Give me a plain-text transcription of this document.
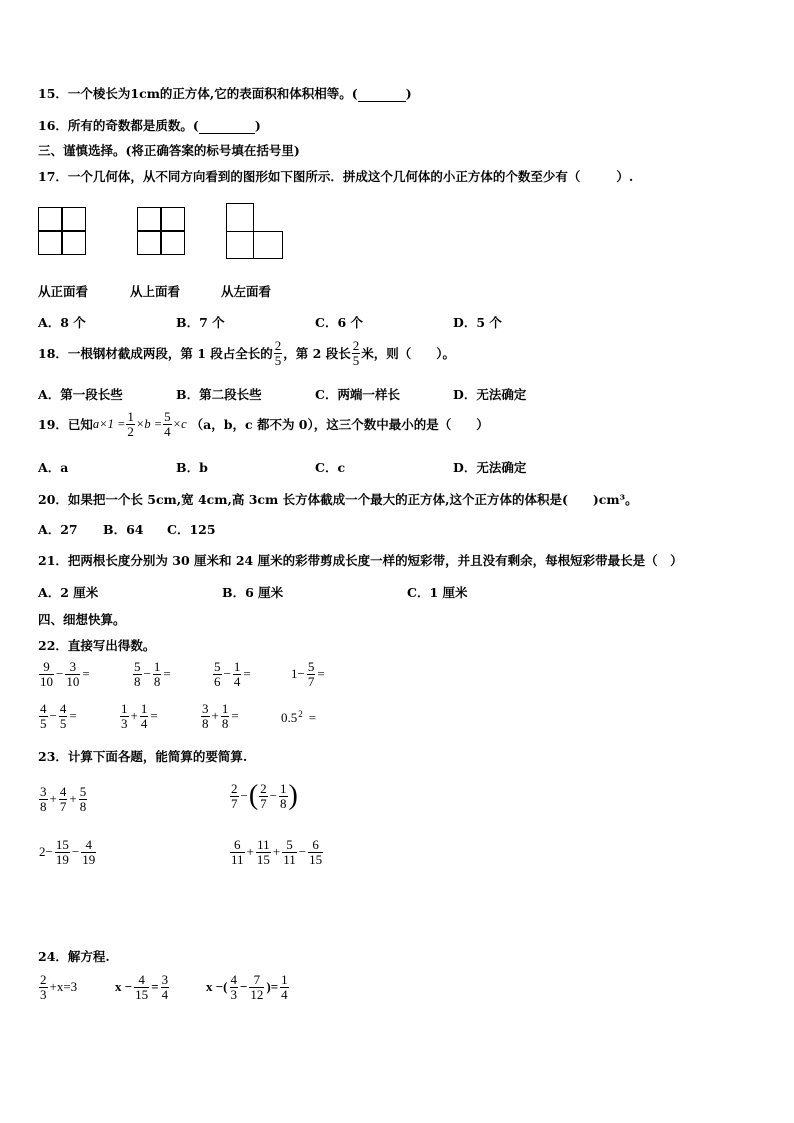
15．一个棱长为1cm的正方体,它的表面积和体积相等。(	)
16．所有的奇数都是质数。(	)
三、谨慎选择。(将正确答案的标号填在括号里)
17．一个几何体，从不同方向看到的图形如下图所示．拼成这个几何体的小正方体的个数至少有（	）.
从正面看	从上面看	从左面看
A．8 个	B．7 个	C．6 个	D．5 个
18．一根钢材截成两段，第 1 段占全长的 $\frac{2}{5}$ ，第 2 段长 $\frac{2}{5}$ 米，则（　　）。
A．第一段长些	B．第二段长些	C．两端一样长	D．无法确定
19．已知 $a\times 1 = \frac{1}{2} \times b = \frac{5}{4} \times c$ （a，b，c 都不为 0），这三个数中最小的是（　　）
A．a	B．b	C．c	D．无法确定
20．如果把一个长 5cm,宽 4cm,高 3cm 长方体截成一个最大的正方体,这个正方体的体积是(　　)cm³。
A．27 B．64 C．125
21．把两根长度分别为 30 厘米和 24 厘米的彩带剪成长度一样的短彩带，并且没有剩余，每根短彩带最长是（　）
A．2 厘米	B．6 厘米	C．1 厘米
四、细想快算。
22．直接写出得数。
$\frac{9}{10} - \frac{3}{10}$ =	$\frac{5}{8} - \frac{1}{8}$ =	$\frac{5}{6} - \frac{1}{4}$ =	$1- \frac{5}{7}$ =
$\frac{4}{5} - \frac{4}{5}$ =	$\frac{1}{3} + \frac{1}{4}$ =	$\frac{3}{8} + \frac{1}{8}$ =	$0.5^2$ =
23．计算下面各题，能简算的要简算.
$\frac{3}{8} + \frac{4}{7} + \frac{5}{8}$	$\frac{2}{7}$ − ( $\frac{2}{7} - \frac{1}{8}$ )
$2- \frac{15}{19} - \frac{4}{19}$	$\frac{6}{11} + \frac{11}{15} + \frac{5}{11} - \frac{6}{15}$
24．解方程.
$\frac{2}{3} +x=3$	$x - \frac{4}{15} = \frac{3}{4}$	x −( $\frac{4}{3} - \frac{7}{12}$ )= $\frac{1}{4}$
